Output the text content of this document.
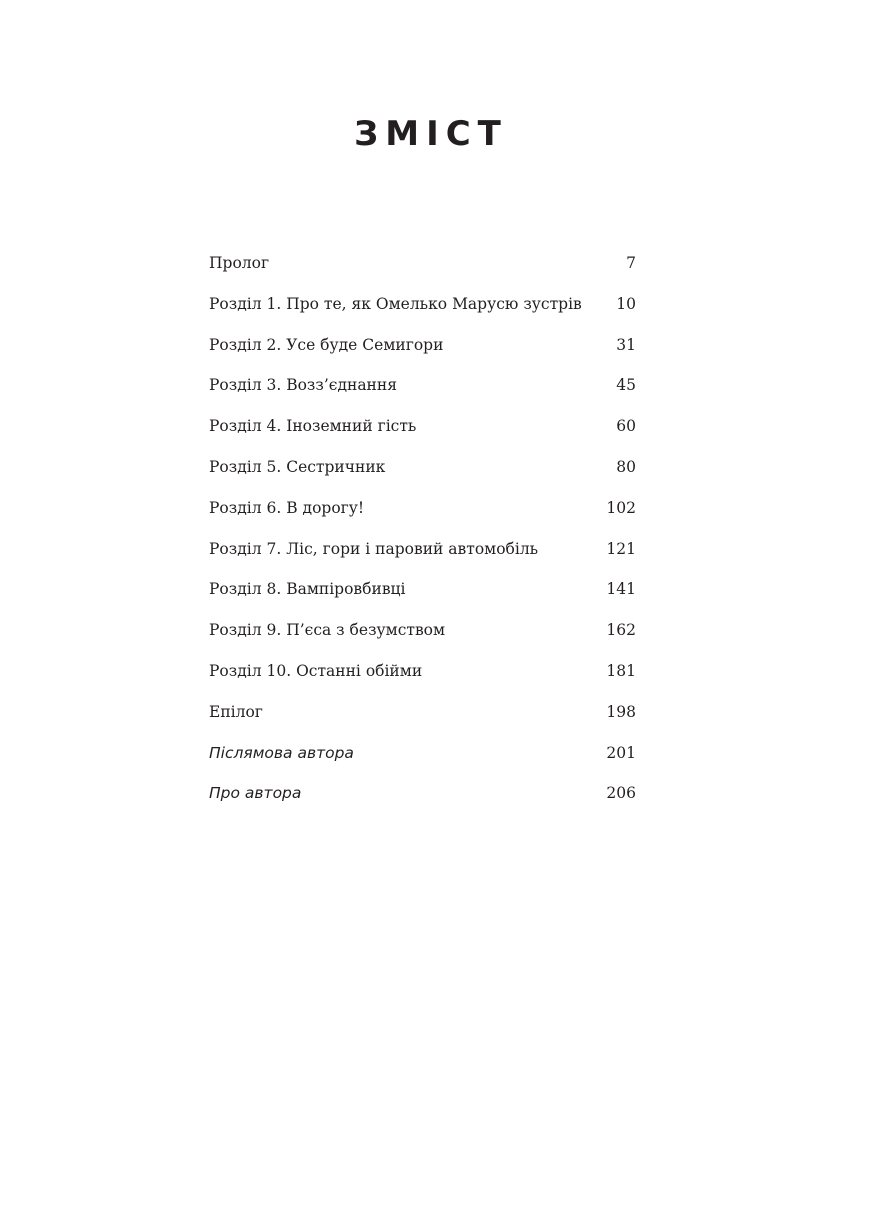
ЗМІСТ
Пролог	7
Розділ 1. Про те, як Омелько Марусю зустрів 10
Розділ 2. Усе буде Семигори	31
Розділ 3. Возз’єднання	45
Розділ 4. Іноземний гість	60
Розділ 5. Сестричник	80
Розділ 6. В дорогу!	102
Розділ 7. Ліс, гори і паровий автомобіль	121
Розділ 8. Вампіровбивці	141
Розділ 9. П’єса з безумством	162
Розділ 10. Останні обійми	181
Епілог	198
Післямова автора	201
Про автора	206
